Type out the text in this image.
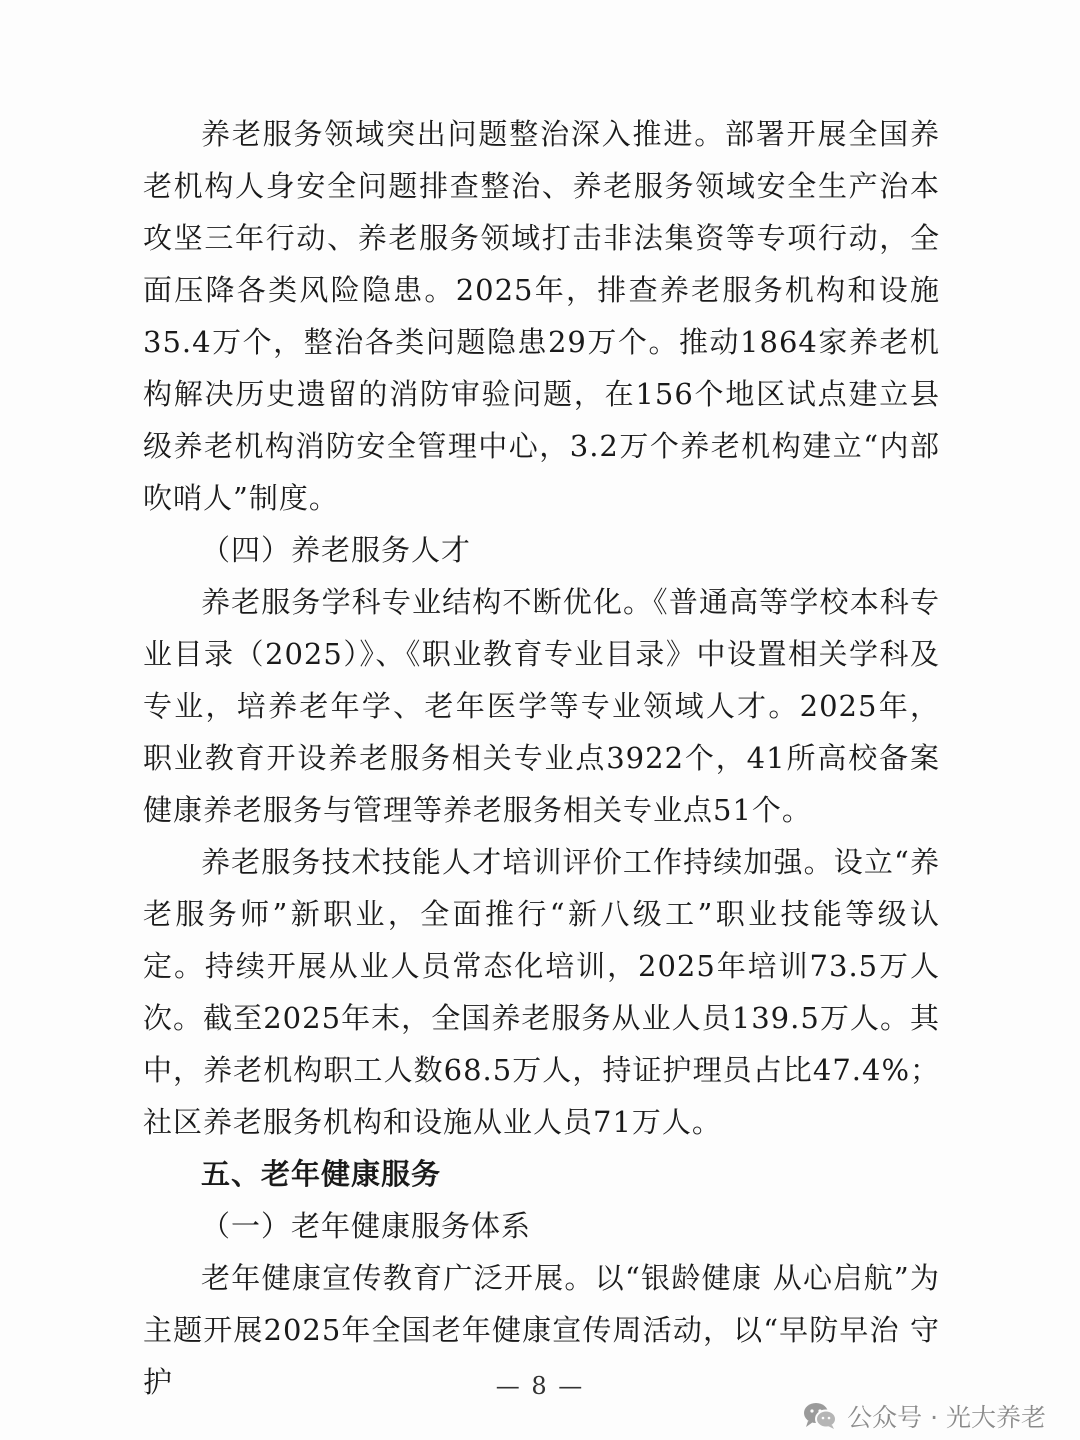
养老服务领域突出问题整治深入推进。部署开展全国养老机构人身安全问题排查整治、养老服务领域安全生产治本攻坚三年行动、养老服务领域打击非法集资等专项行动，全面压降各类风险隐患。2025年，排查养老服务机构和设施35.4万个，整治各类问题隐患29万个。推动1864家养老机构解决历史遗留的消防审验问题，在156个地区试点建立县级养老机构消防安全管理中心，3.2万个养老机构建立“内部吹哨人”制度。

（四）养老服务人才

养老服务学科专业结构不断优化。《普通高等学校本科专业目录（2025）》、《职业教育专业目录》中设置相关学科及专业，培养老年学、老年医学等专业领域人才。2025年，职业教育开设养老服务相关专业点3922个，41所高校备案健康养老服务与管理等养老服务相关专业点51个。

养老服务技术技能人才培训评价工作持续加强。设立“养老服务师”新职业，全面推行“新八级工”职业技能等级认定。持续开展从业人员常态化培训，2025年培训73.5万人次。截至2025年末，全国养老服务从业人员139.5万人。其中，养老机构职工人数68.5万人，持证护理员占比47.4%；社区养老服务机构和设施从业人员71万人。

五、老年健康服务

（一）老年健康服务体系

老年健康宣传教育广泛开展。以“银龄健康 从心启航”为主题开展2025年全国老年健康宣传周活动，以“早防早治 守护	— 8 —
公众号 · 光大养老
